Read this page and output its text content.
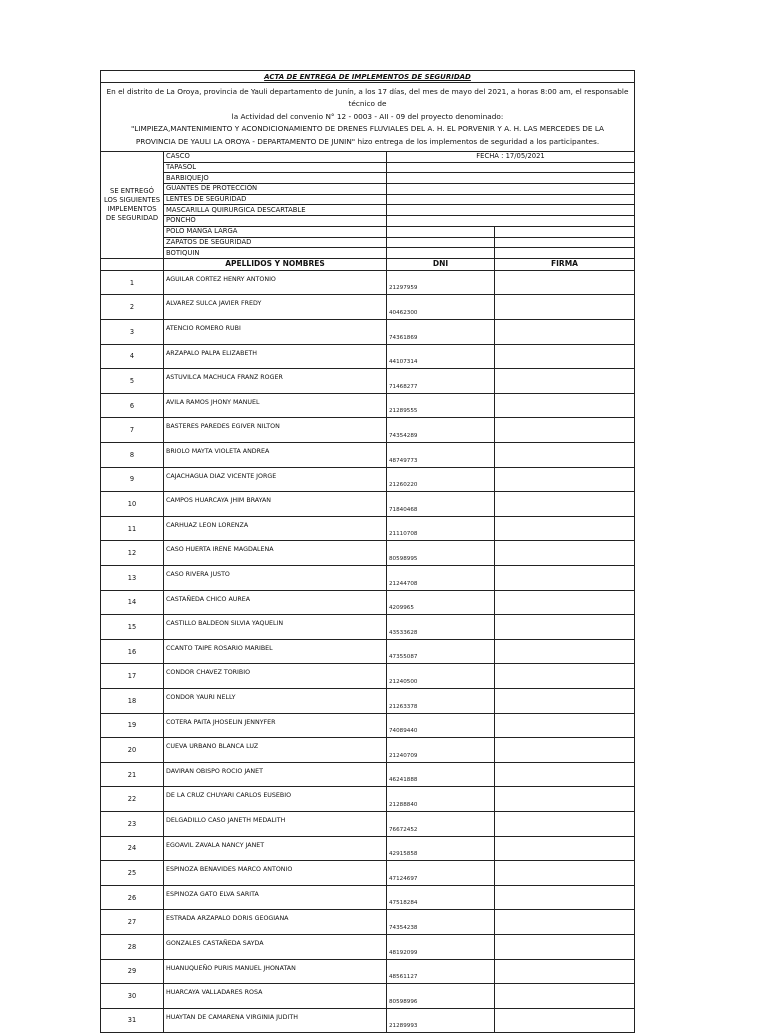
ACTA DE ENTREGA DE IMPLEMENTOS DE SEGURIDAD			

En el distrito de La Oroya, provincia de Yauli departamento de Junín, a los 17 días, del mes de mayo del 2021, a horas 8:00 am, el responsable técnico de
la Actividad del convenio N° 12 - 0003 - AII - 09 del proyecto denominado:
"LIMPIEZA,MANTENIMIENTO Y ACONDICIONAMIENTO DE DRENES FLUVIALES DEL A. H. EL PORVENIR Y A. H. LAS MERCEDES DE LA
PROVINCIA DE YAULI LA OROYA - DEPARTAMENTO DE JUNIN" hizo entrega de los implementos de seguridad a los participantes.			

SE ENTREGÓ LOS SIGUIENTES IMPLEMENTOS DE SEGURIDAD	CASCO	FECHA : 17/05/2021	
	TAPASOL		
	BARBIQUEJO		
	GUANTES DE PROTECCIÓN		
	LENTES DE SEGURIDAD		
	MASCARILLA QUIRURGICA DESCARTABLE		
	PONCHO		
	POLO MANGA LARGA		
	ZAPATOS DE SEGURIDAD		
	BOTIQUIN		
	APELLIDOS Y NOMBRES	DNI	FIRMA
1	AGUILAR CORTEZ HENRY ANTONIO	21297959	
2	ALVAREZ SULCA JAVIER FREDY	40462300	
3	ATENCIO ROMERO RUBI	74361869	
4	ARZAPALO PALPA ELIZABETH	44107314	
5	ASTUVILCA MACHUCA FRANZ ROGER	71468277	
6	AVILA RAMOS JHONY MANUEL	21289555	
7	BASTERES PAREDES EGIVER NILTON	74354289	
8	BRIOLO MAYTA VIOLETA ANDREA	48749773	
9	CAJACHAGUA DIAZ VICENTE JORGE	21260220	
10	CAMPOS HUARCAYA JHIM BRAYAN	71840468	
11	CARHUAZ LEON LORENZA	21110708	
12	CASO HUERTA IRENE MAGDALENA	80598995	
13	CASO RIVERA JUSTO	21244708	
14	CASTAÑEDA CHICO AUREA	4209965	
15	CASTILLO BALDEON SILVIA YAQUELIN	43533628	
16	CCANTO TAIPE ROSARIO MARIBEL	47355087	
17	CONDOR CHAVEZ TORIBIO	21240500	
18	CONDOR YAURI NELLY	21263378	
19	COTERA PAITA JHOSELIN JENNYFER	74089440	
20	CUEVA URBANO BLANCA LUZ	21240709	
21	DAVIRAN OBISPO ROCIO JANET	46241888	
22	DE LA CRUZ CHUYARI CARLOS EUSEBIO	21288840	
23	DELGADILLO CASO JANETH MEDALITH	76672452	
24	EGOAVIL ZAVALA NANCY JANET	42915858	
25	ESPINOZA BENAVIDES MARCO ANTONIO	47124697	
26	ESPINOZA GATO ELVA SARITA	47518284	
27	ESTRADA ARZAPALO DORIS GEOGIANA	74354238	
28	GONZALES CASTAÑEDA SAYDA	48192099	
29	HUANUQUEÑO PURIS MANUEL JHONATAN	48561127	
30	HUARCAYA VALLADARES ROSA	80598996	
31	HUAYTAN DE CAMARENA VIRGINIA JUDITH	21289993	
